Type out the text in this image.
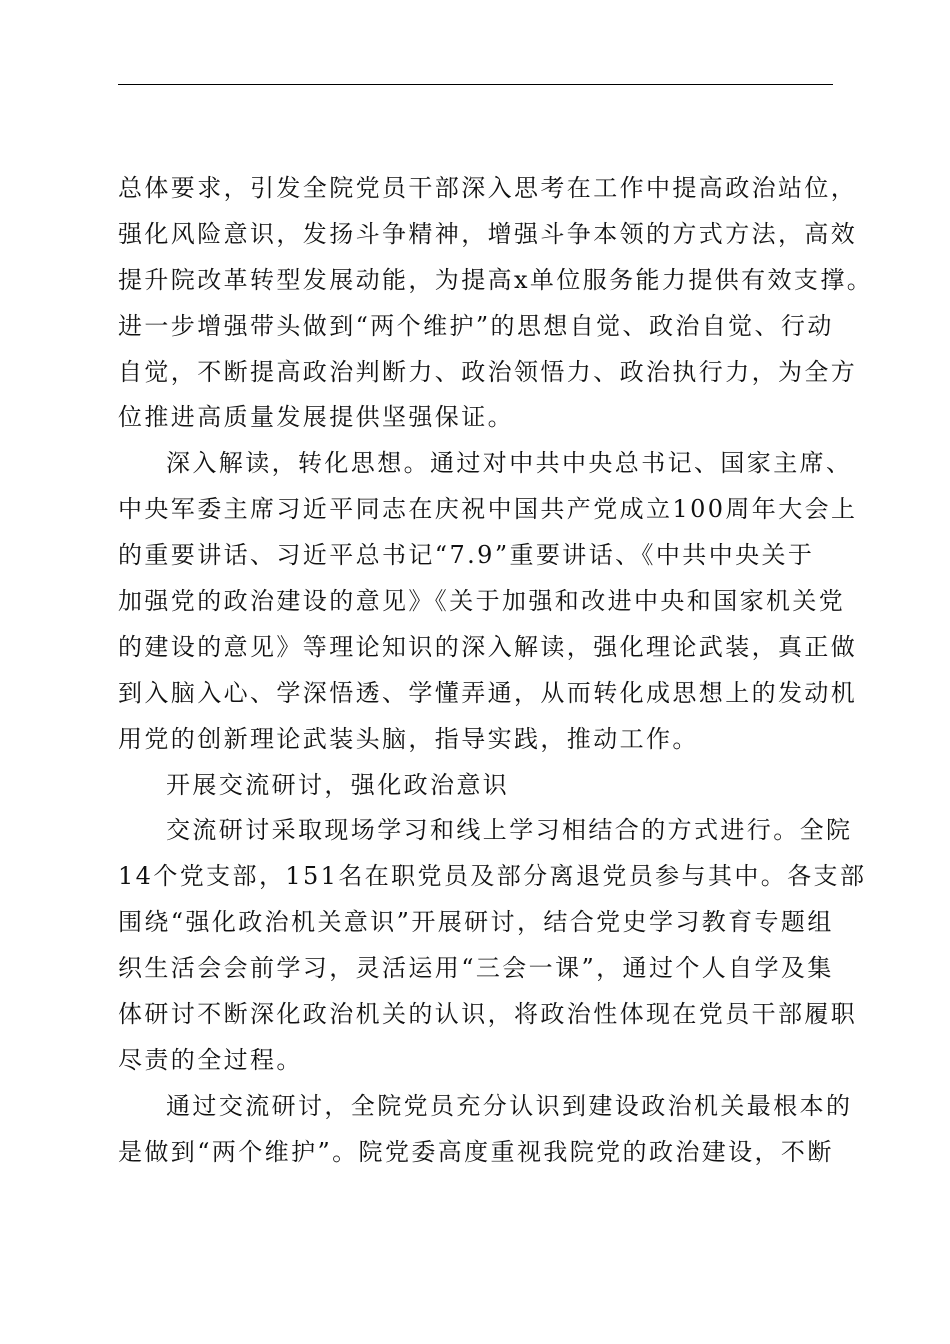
总体要求，引发全院党员干部深入思考在工作中提高政治站位，
强化风险意识，发扬斗争精神，增强斗争本领的方式方法，高效
提升院改革转型发展动能，为提高x单位服务能力提供有效支撑。
进一步增强带头做到“两个维护”的思想自觉、政治自觉、行动
自觉，不断提高政治判断力、政治领悟力、政治执行力，为全方
位推进高质量发展提供坚强保证。
深入解读，转化思想。通过对中共中央总书记、国家主席、
中央军委主席习近平同志在庆祝中国共产党成立100周年大会上
的重要讲话、习近平总书记“7.9”重要讲话、《中共中央关于
加强党的政治建设的意见》《关于加强和改进中央和国家机关党
的建设的意见》等理论知识的深入解读，强化理论武装，真正做
到入脑入心、学深悟透、学懂弄通，从而转化成思想上的发动机
用党的创新理论武装头脑，指导实践，推动工作。
开展交流研讨，强化政治意识
交流研讨采取现场学习和线上学习相结合的方式进行。全院
14个党支部，151名在职党员及部分离退党员参与其中。各支部
围绕“强化政治机关意识”开展研讨，结合党史学习教育专题组
织生活会会前学习，灵活运用“三会一课”，通过个人自学及集
体研讨不断深化政治机关的认识，将政治性体现在党员干部履职
尽责的全过程。
通过交流研讨，全院党员充分认识到建设政治机关最根本的
是做到“两个维护”。院党委高度重视我院党的政治建设，不断
